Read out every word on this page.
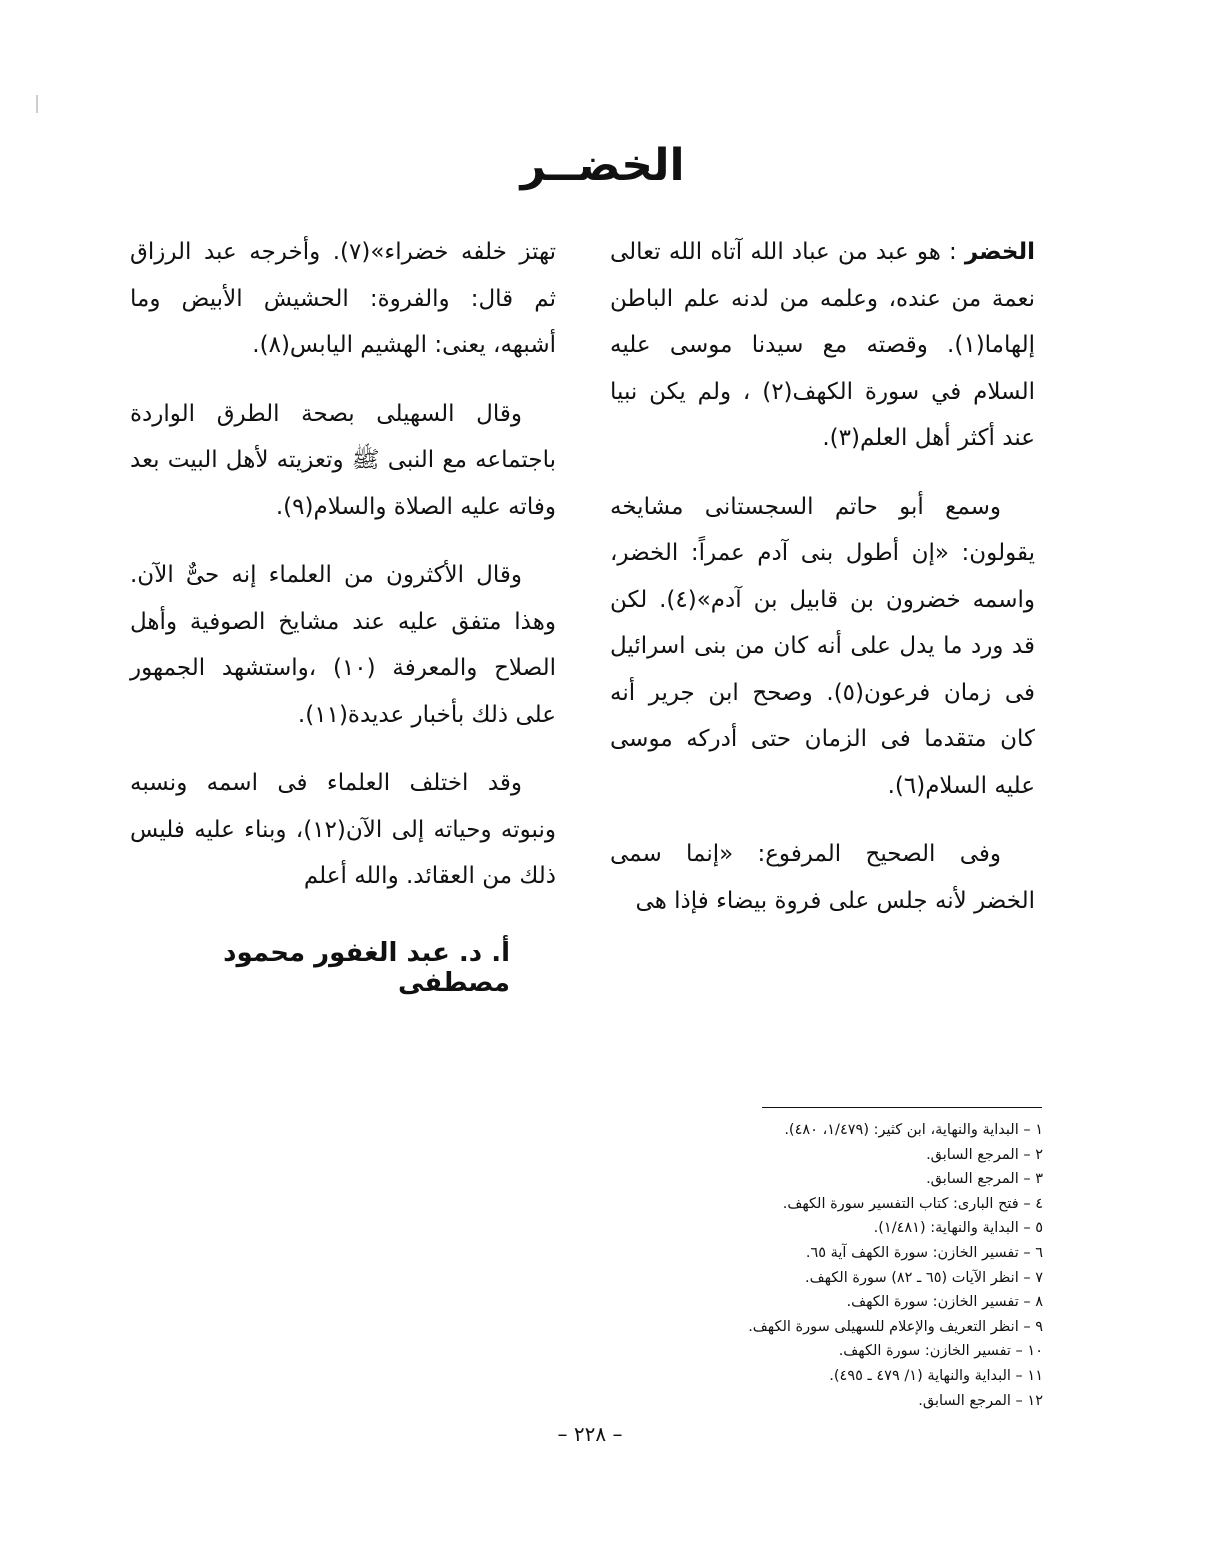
الخضــر

الخضر : هو عبد من عباد الله آتاه الله تعالى نعمة من عنده، وعلمه من لدنه علم الباطن إلهاما(١). وقصته مع سيدنا موسى عليه السلام في سورة الكهف(٢) ، ولم يكن نبيا عند أكثر أهل العلم(٣).

وسمع أبو حاتم السجستانى مشايخه يقولون: «إن أطول بنى آدم عمراً: الخضر، واسمه خضرون بن قابيل بن آدم»(٤). لكن قد ورد ما يدل على أنه كان من بنى اسرائيل فى زمان فرعون(٥). وصحح ابن جرير أنه كان متقدما فى الزمان حتى أدركه موسى عليه السلام(٦).

وفى الصحيح المرفوع: «إنما سمى الخضر لأنه جلس على فروة بيضاء فإذا هى

تهتز خلفه خضراء»(٧). وأخرجه عبد الرزاق ثم قال: والفروة: الحشيش الأبيض وما أشبهه، يعنى: الهشيم اليابس(٨).

وقال السهيلى بصحة الطرق الواردة باجتماعه مع النبى ﷺ وتعزيته لأهل البيت بعد وفاته عليه الصلاة والسلام(٩).

وقال الأكثرون من العلماء إنه حىٌّ الآن. وهذا متفق عليه عند مشايخ الصوفية وأهل الصلاح والمعرفة (١٠) ،واستشهد الجمهور على ذلك بأخبار عديدة(١١).

وقد اختلف العلماء فى اسمه ونسبه ونبوته وحياته إلى الآن(١٢)، وبناء عليه فليس ذلك من العقائد. والله أعلم

أ. د. عبد الغفور محمود مصطفى
١ – البداية والنهاية، ابن كثير: (١/٤٧٩، ٤٨٠).
٢ – المرجع السابق.
٣ – المرجع السابق.
٤ – فتح البارى: كتاب التفسير سورة الكهف.
٥ – البداية والنهاية: (١/٤٨١).
٦ – تفسير الخازن: سورة الكهف آية ٦٥.
٧ – انظر الآيات (٦٥ ـ ٨٢) سورة الكهف.
٨ – تفسير الخازن: سورة الكهف.
٩ – انظر التعريف والإعلام للسهيلى سورة الكهف.
١٠ – تفسير الخازن: سورة الكهف.
١١ – البداية والنهاية (١/ ٤٧٩ ـ ٤٩٥).
١٢ – المرجع السابق.
– ٢٢٨ –
